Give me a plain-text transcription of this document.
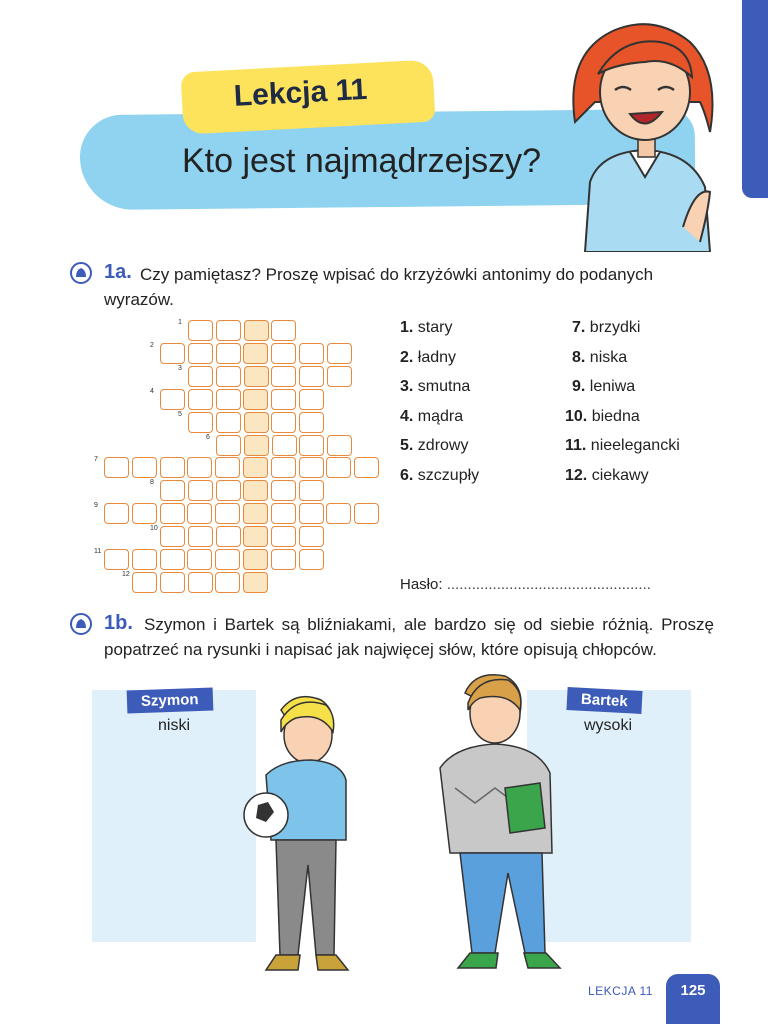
Lekcja 11
Kto jest najmądrzejszy?
1a. Czy pamiętasz? Proszę wpisać do krzyżówki antonimy do podanych wyrazów.
1
2
3
4
5
6
7
8
9
10
11
12
1. stary
2. ładny
3. smutna
4. mądra
5. zdrowy
6. szczupły
7. brzydki
8. niska
9. leniwa
10. biedna
11. nieelegancki
12. ciekawy
Hasło: .................................................
1b. Szymon i Bartek są bliźniakami, ale bardzo się od siebie różnią. Proszę popatrzeć na rysunki i napisać jak najwięcej słów, które opisują chłopców.
Szymon	Bartek
niski	wysoki
LEKCJA 11	125
